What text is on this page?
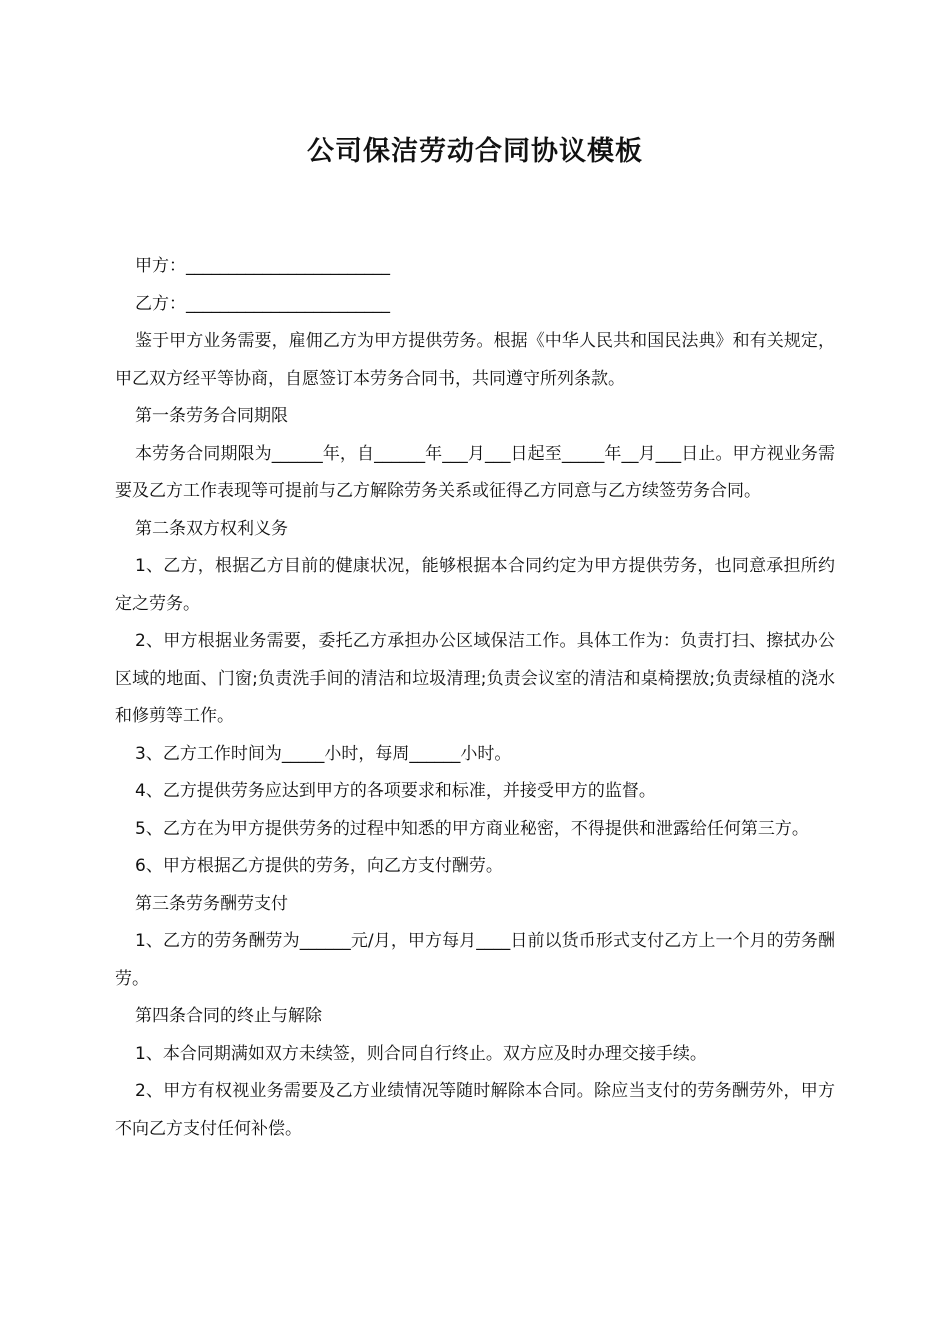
公司保洁劳动合同协议模板
甲方：________________________
乙方：________________________

鉴于甲方业务需要，雇佣乙方为甲方提供劳务。根据《中华人民共和国民法典》和有关规定，甲乙双方经平等协商，自愿签订本劳务合同书，共同遵守所列条款。

第一条劳务合同期限

本劳务合同期限为______年，自______年___月___日起至_____年__月___日止。甲方视业务需要及乙方工作表现等可提前与乙方解除劳务关系或征得乙方同意与乙方续签劳务合同。

第二条双方权利义务

1、乙方，根据乙方目前的健康状况，能够根据本合同约定为甲方提供劳务，也同意承担所约定之劳务。

2、甲方根据业务需要，委托乙方承担办公区域保洁工作。具体工作为：负责打扫、擦拭办公区域的地面、门窗;负责洗手间的清洁和垃圾清理;负责会议室的清洁和桌椅摆放;负责绿植的浇水和修剪等工作。

3、乙方工作时间为_____小时，每周______小时。

4、乙方提供劳务应达到甲方的各项要求和标准，并接受甲方的监督。

5、乙方在为甲方提供劳务的过程中知悉的甲方商业秘密，不得提供和泄露给任何第三方。

6、甲方根据乙方提供的劳务，向乙方支付酬劳。

第三条劳务酬劳支付

1、乙方的劳务酬劳为______元/月，甲方每月____日前以货币形式支付乙方上一个月的劳务酬劳。

第四条合同的终止与解除

1、本合同期满如双方未续签，则合同自行终止。双方应及时办理交接手续。

2、甲方有权视业务需要及乙方业绩情况等随时解除本合同。除应当支付的劳务酬劳外，甲方不向乙方支付任何补偿。
